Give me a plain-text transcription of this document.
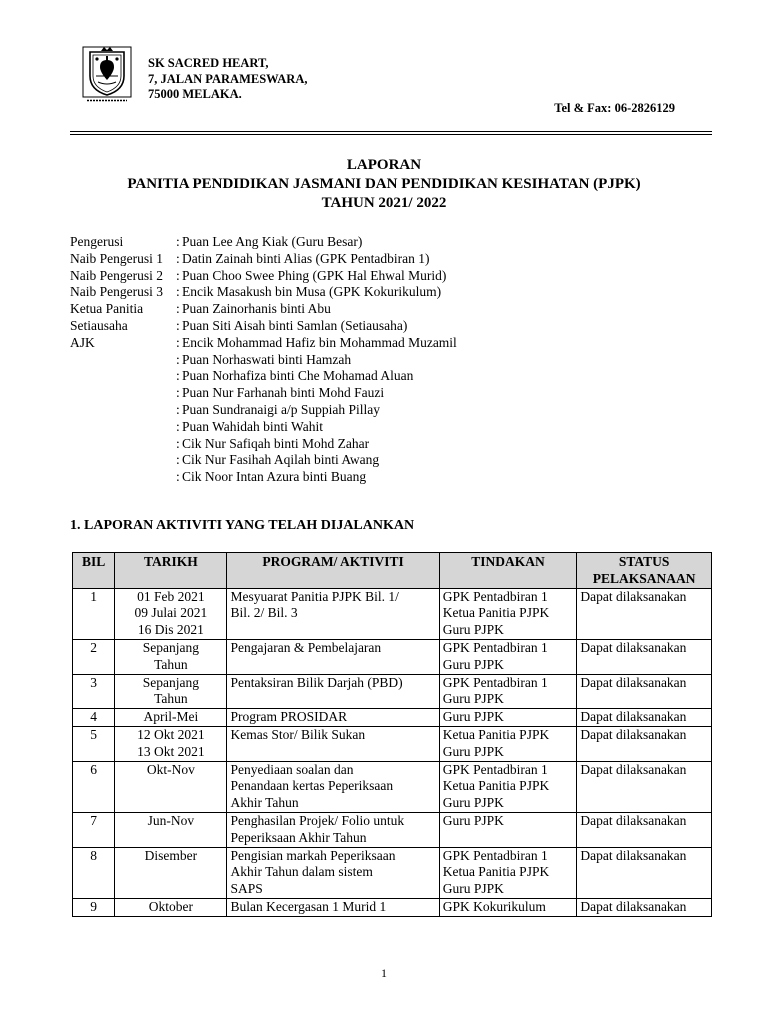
SK SACRED HEART,
7, JALAN PARAMESWARA,
75000 MELAKA.
Tel & Fax: 06-2826129
LAPORAN
PANITIA PENDIDIKAN JASMANI DAN PENDIDIKAN KESIHATAN (PJPK)
TAHUN 2021/ 2022
Pengerusi	: Puan Lee Ang Kiak (Guru Besar)
Naib Pengerusi 1 : Datin Zainah binti Alias (GPK Pentadbiran 1)
Naib Pengerusi 2 : Puan Choo Swee Phing (GPK Hal Ehwal Murid)
Naib Pengerusi 3 : Encik Masakush bin Musa (GPK Kokurikulum)
Ketua Panitia	: Puan Zainorhanis binti Abu
Setiausaha	: Puan Siti Aisah binti Samlan (Setiausaha)
AJK	: Encik Mohammad Hafiz bin Mohammad Muzamil
: Puan Norhaswati binti Hamzah
: Puan Norhafiza binti Che Mohamad Aluan
: Puan Nur Farhanah binti Mohd Fauzi
: Puan Sundranaigi a/p Suppiah Pillay
: Puan Wahidah binti Wahit
: Cik Nur Safiqah binti Mohd Zahar
: Cik Nur Fasihah Aqilah binti Awang
: Cik Noor Intan Azura binti Buang
1. LAPORAN AKTIVITI YANG TELAH DIJALANKAN
BIL	TARIKH	PROGRAM/ AKTIVITI	TINDAKAN	STATUS
PELAKSANAAN

1	01 Feb 2021
09 Julai 2021
16 Dis 2021	Mesyuarat Panitia PJPK Bil. 1/
Bil. 2/ Bil. 3	GPK Pentadbiran 1
Ketua Panitia PJPK
Guru PJPK	Dapat dilaksanakan
2	Sepanjang
Tahun	Pengajaran & Pembelajaran	GPK Pentadbiran 1
Guru PJPK	Dapat dilaksanakan
3	Sepanjang
Tahun	Pentaksiran Bilik Darjah (PBD)	GPK Pentadbiran 1
Guru PJPK	Dapat dilaksanakan
4	April-Mei	Program PROSIDAR	Guru PJPK	Dapat dilaksanakan
5	12 Okt 2021
13 Okt 2021	Kemas Stor/ Bilik Sukan	Ketua Panitia PJPK
Guru PJPK	Dapat dilaksanakan
6	Okt-Nov	Penyediaan soalan dan
Penandaan kertas Peperiksaan
Akhir Tahun	GPK Pentadbiran 1
Ketua Panitia PJPK
Guru PJPK	Dapat dilaksanakan
7	Jun-Nov	Penghasilan Projek/ Folio untuk
Peperiksaan Akhir Tahun	Guru PJPK	Dapat dilaksanakan
8	Disember	Pengisian markah Peperiksaan
Akhir Tahun dalam sistem
SAPS	GPK Pentadbiran 1
Ketua Panitia PJPK
Guru PJPK	Dapat dilaksanakan
9	Oktober	Bulan Kecergasan 1 Murid 1	GPK Kokurikulum	Dapat dilaksanakan
1
